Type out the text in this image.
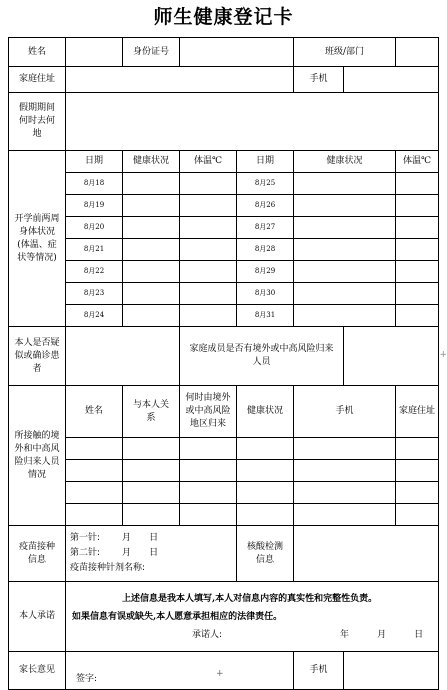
师生健康登记卡
姓名		身份证号			班级/部门		
家庭住址					手机		
假期期间何时去何地							
开学前两周身体状况(体温、症状等情况)	日期	健康状况	体温℃	日期	健康状况		体温℃
	8月18			8月25			
	8月19			8月26			
	8月20			8月27			
	8月21			8月28			
	8月22			8月29			
	8月23			8月30			
	8月24			8月31			
本人是否疑似或确诊患者			家庭成员是否有境外或中高风险归来人员				
所接触的境外和中高风险归来人员情况	姓名	与本人关系	何时由境外或中高风险地区归来	健康状况	手机		家庭住址

疫苗接种信息	第一针: 月 日
第二针: 月 日
疫苗接种针剂名称:			核酸检测信息			
本人承诺	上述信息是我本人填写,本人对信息内容的真实性和完整性负责。
如果信息有误或缺失,本人愿意承担相应的法律责任。
承诺人: 年 月 日						

家长意见	签字:				手机		
+
+
